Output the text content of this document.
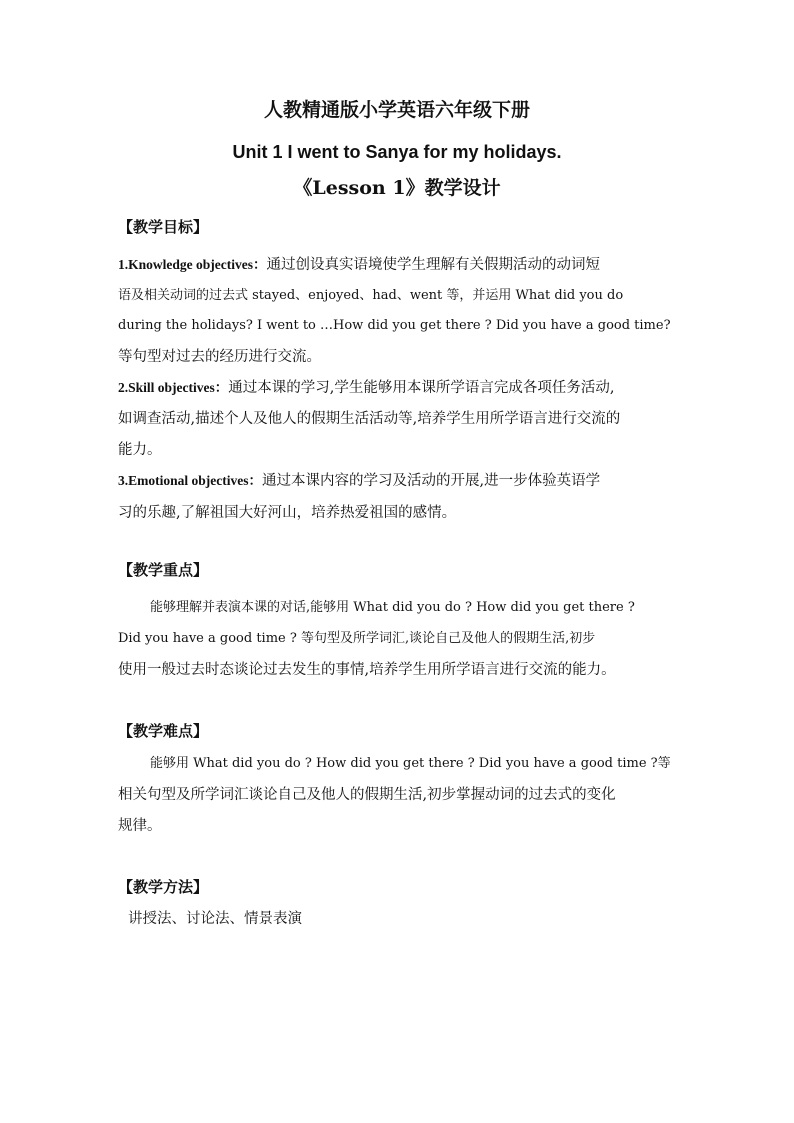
人教精通版小学英语六年级下册
Unit 1 I went to Sanya for my holidays.
《Lesson 1》教学设计
【教学目标】
1.Knowledge objectives：通过创设真实语境使学生理解有关假期活动的动词短
语及相关动词的过去式 stayed、enjoyed、had、went 等，并运用 What did you do
during the holidays? I went to …How did you get there ? Did you have a good time?
等句型对过去的经历进行交流。
2.Skill objectives：通过本课的学习,学生能够用本课所学语言完成各项任务活动,
如调查活动,描述个人及他人的假期生活活动等,培养学生用所学语言进行交流的
能力。
3.Emotional objectives：通过本课内容的学习及活动的开展,进一步体验英语学
习的乐趣,了解祖国大好河山，培养热爱祖国的感情。
【教学重点】
能够理解并表演本课的对话,能够用 What did you do ? How did you get there ?
Did you have a good time ? 等句型及所学词汇,谈论自己及他人的假期生活,初步
使用一般过去时态谈论过去发生的事情,培养学生用所学语言进行交流的能力。
【教学难点】
能够用 What did you do ? How did you get there ? Did you have a good time ?等
相关句型及所学词汇谈论自己及他人的假期生活,初步掌握动词的过去式的变化
规律。
【教学方法】
讲授法、讨论法、情景表演
